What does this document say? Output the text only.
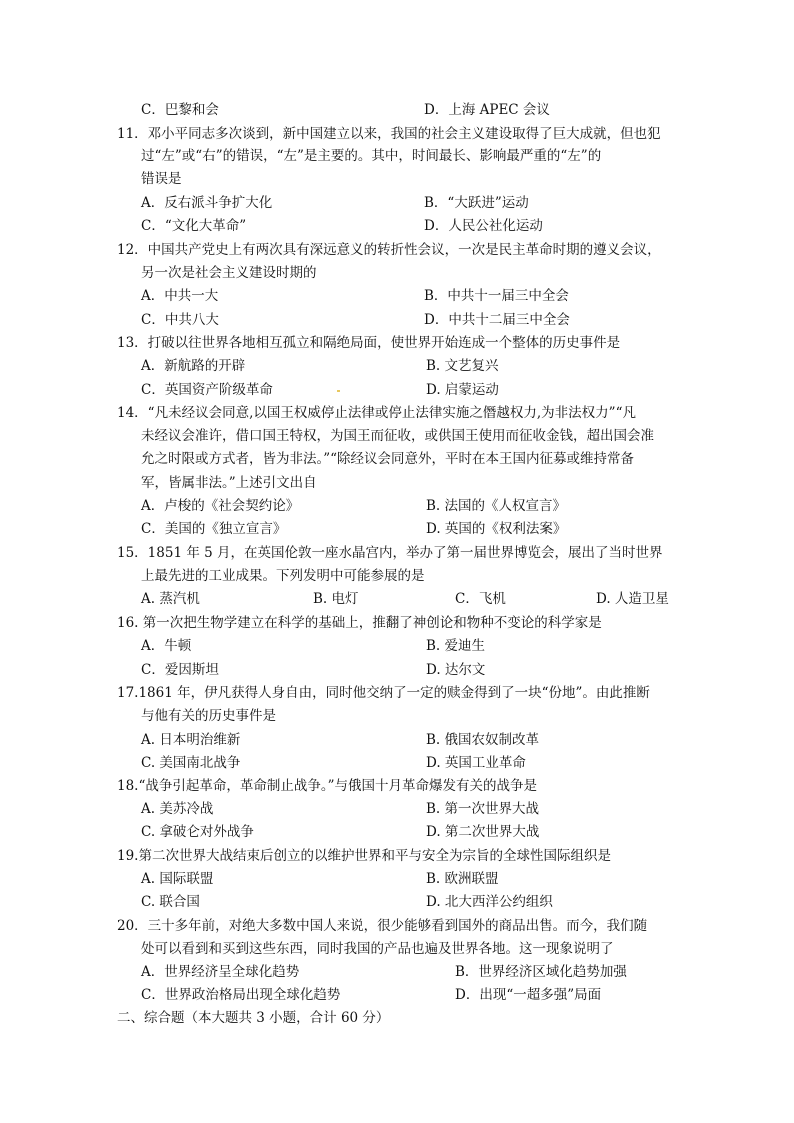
C．巴黎和会	D．上海 APEC 会议
11．邓小平同志多次谈到，新中国建立以来，我国的社会主义建设取得了巨大成就，但也犯
过“左”或“右”的错误，“左”是主要的。其中，时间最长、影响最严重的“左”的
错误是
A．反右派斗争扩大化	B．“大跃进”运动
C．“文化大革命”	D．人民公社化运动
12．中国共产党史上有两次具有深远意义的转折性会议，一次是民主革命时期的遵义会议，
另一次是社会主义建设时期的
A．中共一大	B．中共十一届三中全会
C．中共八大	D．中共十二届三中全会
13．打破以往世界各地相互孤立和隔绝局面，使世界开始连成一个整体的历史事件是
A．新航路的开辟	B. 文艺复兴
C．英国资产阶级革命	D. 启蒙运动
14．“凡未经议会同意,以国王权威停止法律或停止法律实施之僭越权力,为非法权力”“凡
未经议会准许，借口国王特权，为国王而征收，或供国王使用而征收金钱，超出国会准
允之时限或方式者，皆为非法。”“除经议会同意外，平时在本王国内征募或维持常备
军，皆属非法。”上述引文出自
A．卢梭的《社会契约论》	B. 法国的《人权宣言》
C．美国的《独立宣言》	D. 英国的《权利法案》
15．1851 年 5 月，在英国伦敦一座水晶宫内，举办了第一届世界博览会，展出了当时世界
上最先进的工业成果。下列发明中可能参展的是
A. 蒸汽机	B. 电灯	C．飞机	D. 人造卫星
16. 第一次把生物学建立在科学的基础上，推翻了神创论和物种不变论的科学家是
A．牛顿	B. 爱迪生
C．爱因斯坦	D. 达尔文
17.1861 年，伊凡获得人身自由，同时他交纳了一定的赎金得到了一块“份地”。由此推断
与他有关的历史事件是
A. 日本明治维新	B. 俄国农奴制改革
C. 美国南北战争	D. 英国工业革命
18.“战争引起革命，革命制止战争。”与俄国十月革命爆发有关的战争是
A. 美苏冷战	B. 第一次世界大战
C. 拿破仑对外战争	D. 第二次世界大战
19.第二次世界大战结束后创立的以维护世界和平与安全为宗旨的全球性国际组织是
A. 国际联盟	B. 欧洲联盟
C. 联合国	D. 北大西洋公约组织
20．三十多年前，对绝大多数中国人来说，很少能够看到国外的商品出售。而今，我们随
处可以看到和买到这些东西，同时我国的产品也遍及世界各地。这一现象说明了
A．世界经济呈全球化趋势	B．世界经济区域化趋势加强
C．世界政治格局出现全球化趋势	D．出现“一超多强”局面
二、综合题（本大题共 3 小题，合计 60 分）
